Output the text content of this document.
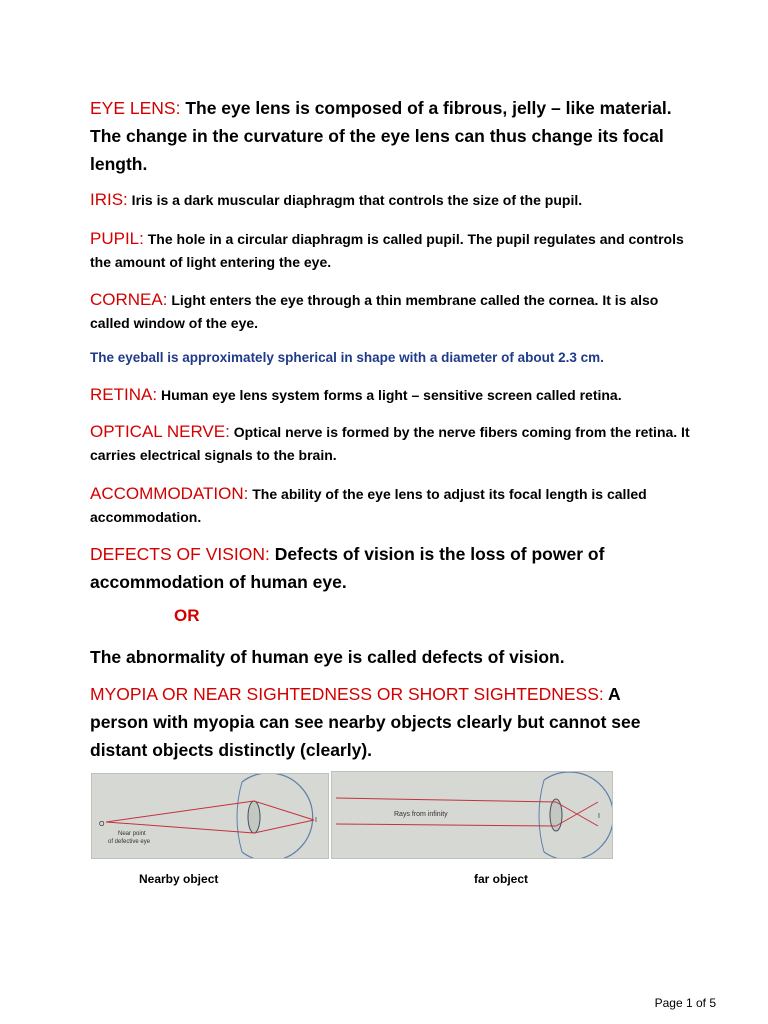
EYE LENS: The eye lens is composed of a fibrous, jelly – like material. The change in the curvature of the eye lens can thus change its focal length.

IRIS: Iris is a dark muscular diaphragm that controls the size of the pupil.

PUPIL: The hole in a circular diaphragm is called pupil. The pupil regulates and controls the amount of light entering the eye.

CORNEA: Light enters the eye through a thin membrane called the cornea. It is also called window of the eye.

The eyeball is approximately spherical in shape with a diameter of about 2.3 cm.

RETINA: Human eye lens system forms a light – sensitive screen called retina.

OPTICAL NERVE: Optical nerve is formed by the nerve fibers coming from the retina. It carries electrical signals to the brain.

ACCOMMODATION: The ability of the eye lens to adjust its focal length is called accommodation.

DEFECTS OF VISION: Defects of vision is the loss of power of accommodation of human eye.

OR

The abnormality of human eye is called defects of vision.

MYOPIA OR NEAR SIGHTEDNESS OR SHORT SIGHTEDNESS: A person with myopia can see nearby objects clearly but cannot see distant objects distinctly (clearly).

O
Near point
of defective eye
I
Rays from infinity	I

Nearby object	far object

Page 1 of 5
